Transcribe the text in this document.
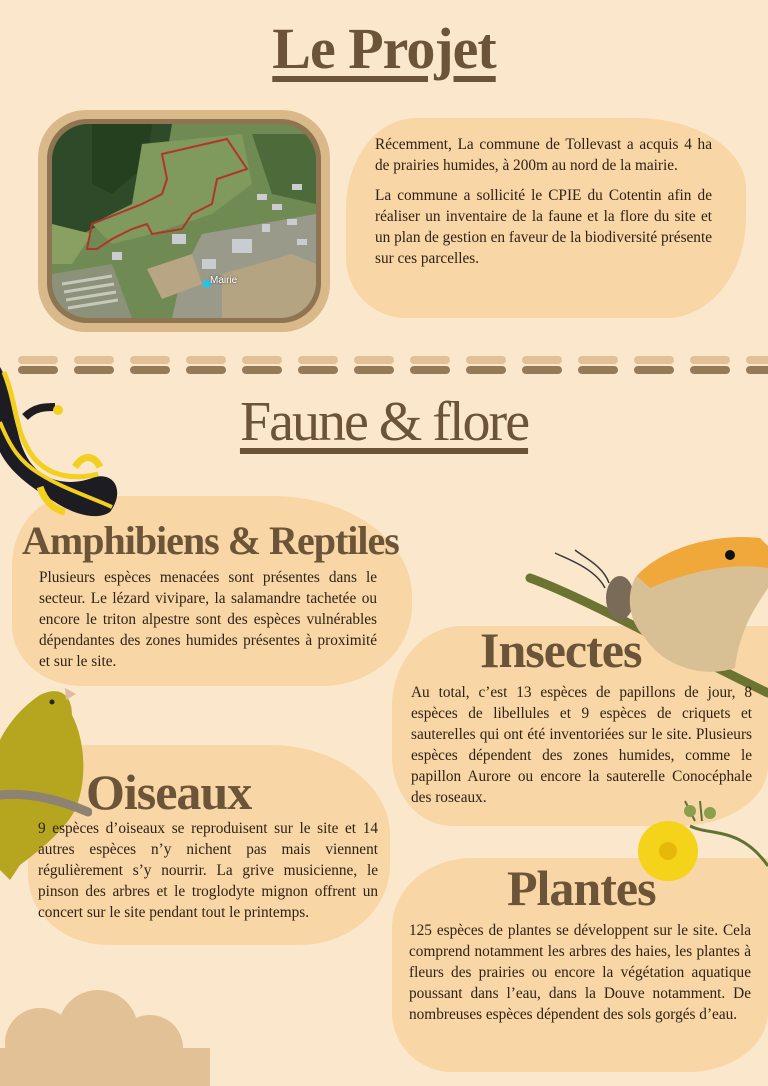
Le Projet
Mairie

Récemment, La commune de Tollevast a acquis 4 ha de prairies humides, à 200m au nord de la mairie.

La commune a sollicité le CPIE du Cotentin afin de réaliser un inventaire de la faune et la flore du site et un plan de gestion en faveur de la biodiversité présente sur ces parcelles.

Faune & flore
Amphibiens & Reptiles
Plusieurs espèces menacées sont présentes dans le secteur. Le lézard vivipare, la salamandre tachetée ou encore le triton alpestre sont des espèces vulnérables dépendantes des zones humides présentes à proximité et sur le site.	Insectes
Au total, c’est 13 espèces de papillons de jour, 8 espèces de libellules et 9 espèces de criquets et sauterelles qui ont été inventoriées sur le site. Plusieurs espèces dépendent des zones humides, comme le papillon Aurore ou encore la sauterelle Conocéphale des roseaux.
Oiseaux
9 espèces d’oiseaux se reproduisent sur le site et 14 autres espèces n’y nichent pas mais viennent régulièrement s’y nourrir. La grive musicienne, le pinson des arbres et le troglodyte mignon offrent un concert sur le site pendant tout le printemps.	Plantes
125 espèces de plantes se développent sur le site. Cela comprend notamment les arbres des haies, les plantes à fleurs des prairies ou encore la végétation aquatique poussant dans l’eau, dans la Douve notamment. De nombreuses espèces dépendent des sols gorgés d’eau.
